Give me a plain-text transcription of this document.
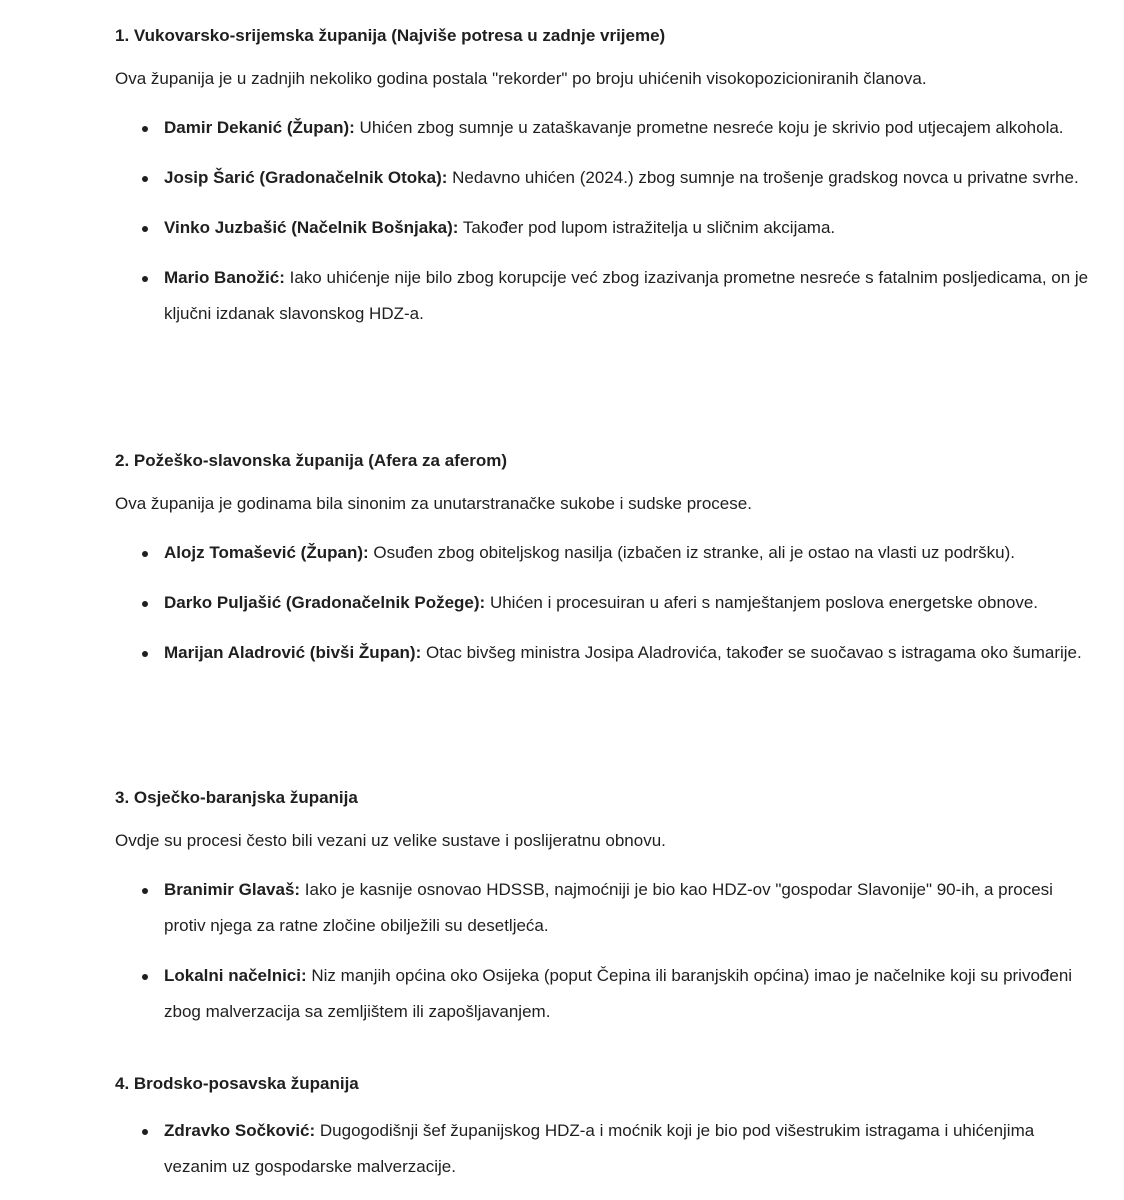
1. Vukovarsko-srijemska županija (Najviše potresa u zadnje vrijeme)

Ova županija je u zadnjih nekoliko godina postala "rekorder" po broju uhićenih visokopozicioniranih članova.

Damir Dekanić (Župan): Uhićen zbog sumnje u zataškavanje prometne nesreće koju je skrivio pod utjecajem alkohola.
Josip Šarić (Gradonačelnik Otoka): Nedavno uhićen (2024.) zbog sumnje na trošenje gradskog novca u privatne svrhe.
Vinko Juzbašić (Načelnik Bošnjaka): Također pod lupom istražitelja u sličnim akcijama.
Mario Banožić: Iako uhićenje nije bilo zbog korupcije već zbog izazivanja prometne nesreće s fatalnim posljedicama, on je ključni izdanak slavonskog HDZ-a.
2. Požeško-slavonska županija (Afera za aferom)

Ova županija je godinama bila sinonim za unutarstranačke sukobe i sudske procese.

Alojz Tomašević (Župan): Osuđen zbog obiteljskog nasilja (izbačen iz stranke, ali je ostao na vlasti uz podršku).
Darko Puljašić (Gradonačelnik Požege): Uhićen i procesuiran u aferi s namještanjem poslova energetske obnove.
Marijan Aladrović (bivši Župan): Otac bivšeg ministra Josipa Aladrovića, također se suočavao s istragama oko šumarije.
3. Osječko-baranjska županija

Ovdje su procesi često bili vezani uz velike sustave i poslijeratnu obnovu.

Branimir Glavaš: Iako je kasnije osnovao HDSSB, najmoćniji je bio kao HDZ-ov "gospodar Slavonije" 90-ih, a procesi protiv njega za ratne zločine obilježili su desetljeća.
Lokalni načelnici: Niz manjih općina oko Osijeka (poput Čepina ili baranjskih općina) imao je načelnike koji su privođeni zbog malverzacija sa zemljištem ili zapošljavanjem.
4. Brodsko-posavska županija
Zdravko Sočković: Dugogodišnji šef županijskog HDZ-a i moćnik koji je bio pod višestrukim istragama i uhićenjima vezanim uz gospodarske malverzacije.
